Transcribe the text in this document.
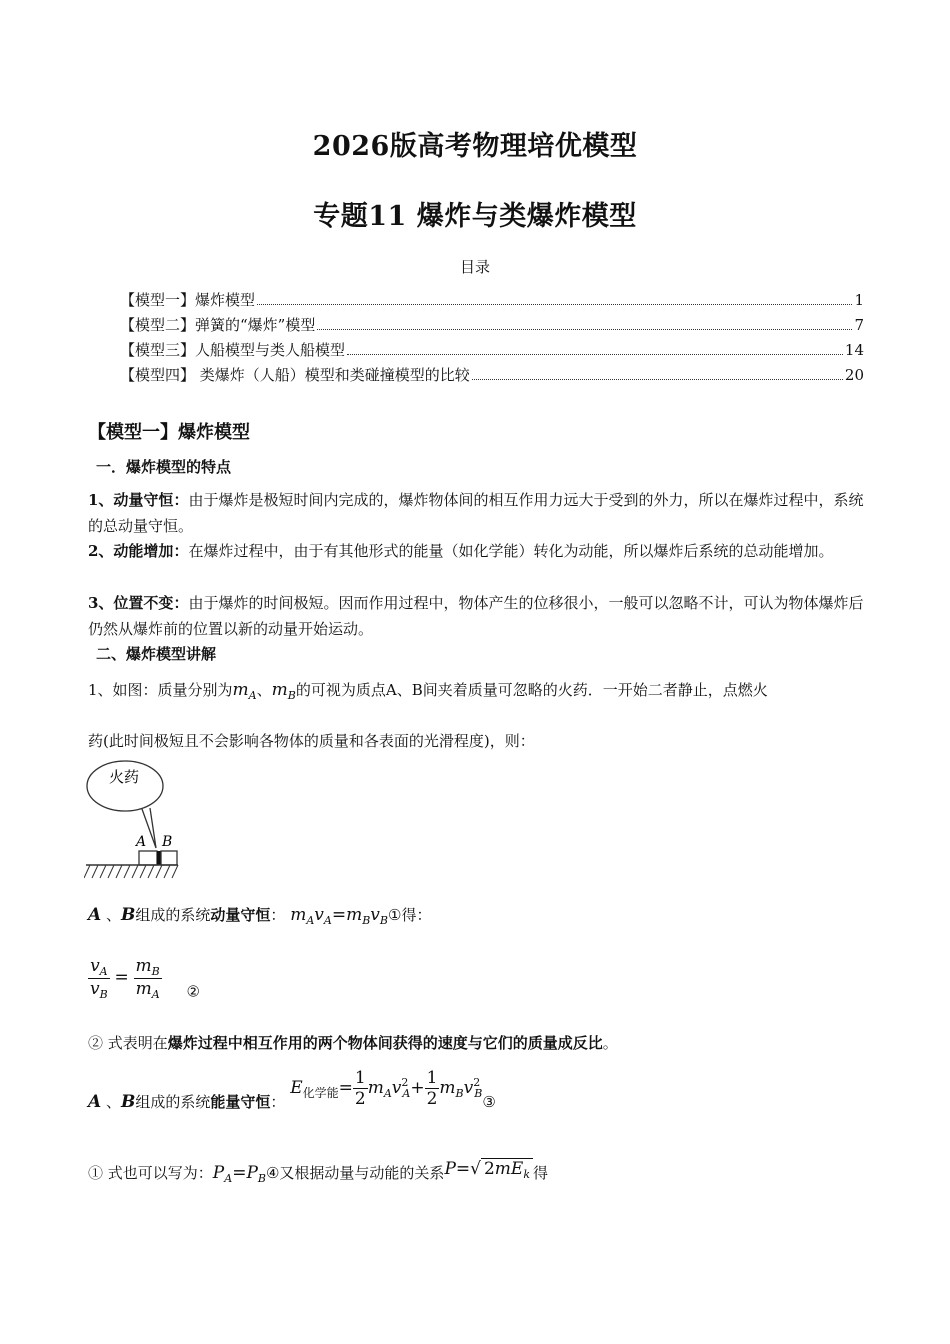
2026版高考物理培优模型
专题11 爆炸与类爆炸模型
目录
【模型一】爆炸模型	1
【模型二】弹簧的“爆炸”模型	7
【模型三】人船模型与类人船模型	14
【模型四】 类爆炸（人船）模型和类碰撞模型的比较	20
【模型一】爆炸模型
一．爆炸模型的特点
1、动量守恒：由于爆炸是极短时间内完成的，爆炸物体间的相互作用力远大于受到的外力，所以在爆炸过程中，系统的总动量守恒。
2、动能增加：在爆炸过程中，由于有其他形式的能量（如化学能）转化为动能，所以爆炸后系统的总动能增加。
3、位置不变：由于爆炸的时间极短。因而作用过程中，物体产生的位移很小，一般可以忽略不计，可认为物体爆炸后仍然从爆炸前的位置以新的动量开始运动。
二、爆炸模型讲解
1、如图：质量分别为$m_A$、$m_B$的可视为质点A、B间夹着质量可忽略的火药．一开始二者静止，点燃火
药(此时间极短且不会影响各物体的质量和各表面的光滑程度)，则：
火药
A B
A 、B组成的系统动量守恒： $m_Av_A=m_Bv_B①$得：
$\frac{v_A}{v_B} = \frac{m_B}{m_A}$ ②
② 式表明在爆炸过程中相互作用的两个物体间获得的速度与它们的质量成反比。
A 、B组成的系统能量守恒： $E_{化学能}= \frac{1}{2} m_Av^2_A+ \frac{1}{2}$ $m_Bv^2_B③$
① 式也可以写为：$P_A=P_B④$又根据动量与动能的关系P=√ $2mE_k$ 得
